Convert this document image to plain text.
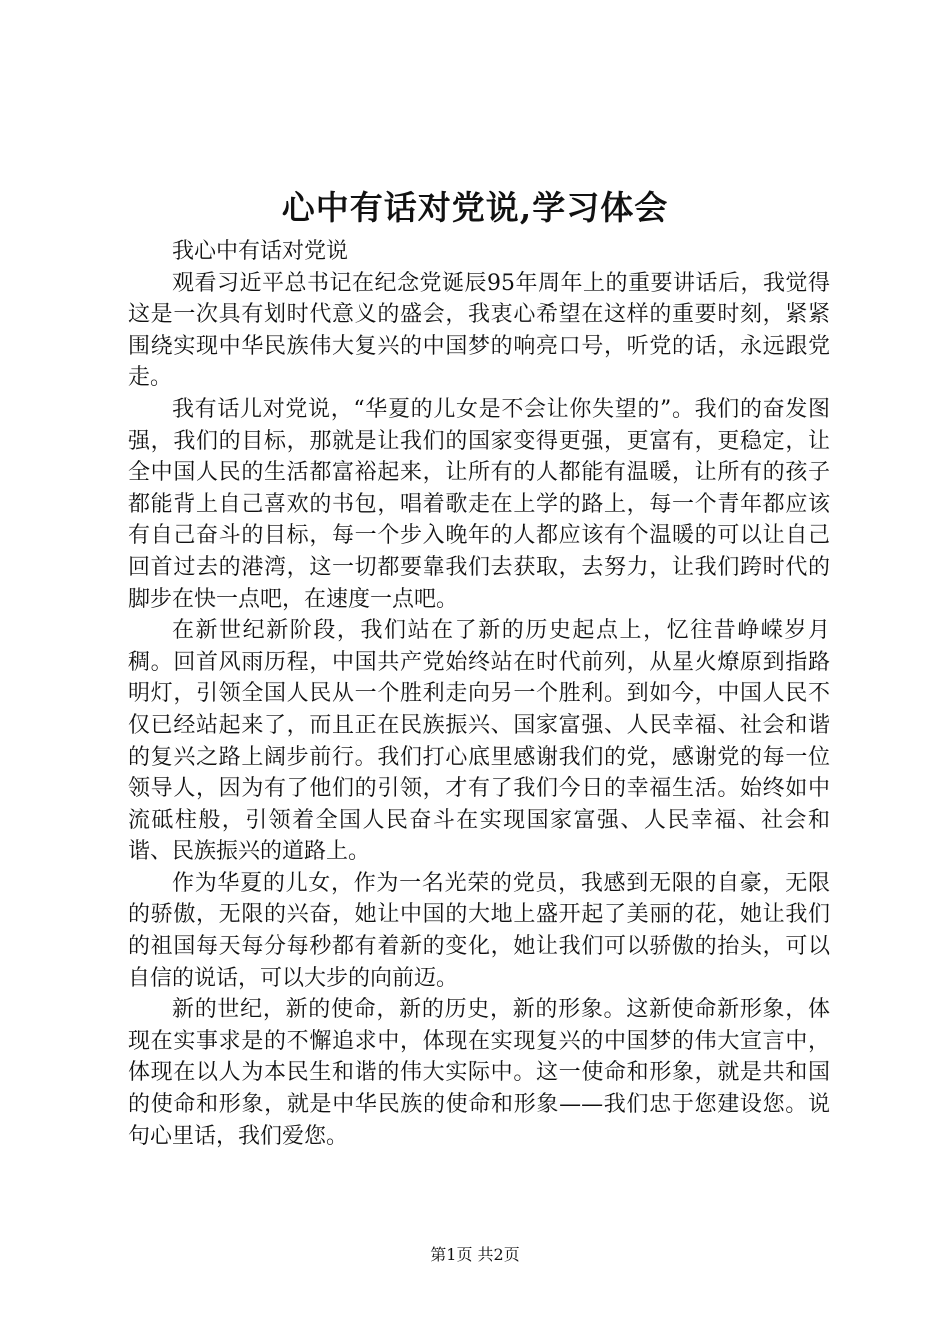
心中有话对党说,学习体会

我心中有话对党说

观看习近平总书记在纪念党诞辰95年周年上的重要讲话后，我觉得这是一次具有划时代意义的盛会，我衷心希望在这样的重要时刻，紧紧围绕实现中华民族伟大复兴的中国梦的响亮口号，听党的话，永远跟党走。

我有话儿对党说，“华夏的儿女是不会让你失望的”。我们的奋发图强，我们的目标，那就是让我们的国家变得更强，更富有，更稳定，让全中国人民的生活都富裕起来，让所有的人都能有温暖，让所有的孩子都能背上自己喜欢的书包，唱着歌走在上学的路上，每一个青年都应该有自己奋斗的目标，每一个步入晚年的人都应该有个温暖的可以让自己回首过去的港湾，这一切都要靠我们去获取，去努力，让我们跨时代的脚步在快一点吧，在速度一点吧。

在新世纪新阶段，我们站在了新的历史起点上，忆往昔峥嵘岁月稠。回首风雨历程，中国共产党始终站在时代前列，从星火燎原到指路明灯，引领全国人民从一个胜利走向另一个胜利。到如今，中国人民不仅已经站起来了，而且正在民族振兴、国家富强、人民幸福、社会和谐的复兴之路上阔步前行。我们打心底里感谢我们的党，感谢党的每一位领导人，因为有了他们的引领，才有了我们今日的幸福生活。始终如中流砥柱般，引领着全国人民奋斗在实现国家富强、人民幸福、社会和谐、民族振兴的道路上。

作为华夏的儿女，作为一名光荣的党员，我感到无限的自豪，无限的骄傲，无限的兴奋，她让中国的大地上盛开起了美丽的花，她让我们的祖国每天每分每秒都有着新的变化，她让我们可以骄傲的抬头，可以自信的说话，可以大步的向前迈。

新的世纪，新的使命，新的历史，新的形象。这新使命新形象，体现在实事求是的不懈追求中，体现在实现复兴的中国梦的伟大宣言中，体现在以人为本民生和谐的伟大实际中。这一使命和形象，就是共和国的使命和形象，就是中华民族的使命和形象——我们忠于您建设您。说句心里话，我们爱您。

第1页 共2页
